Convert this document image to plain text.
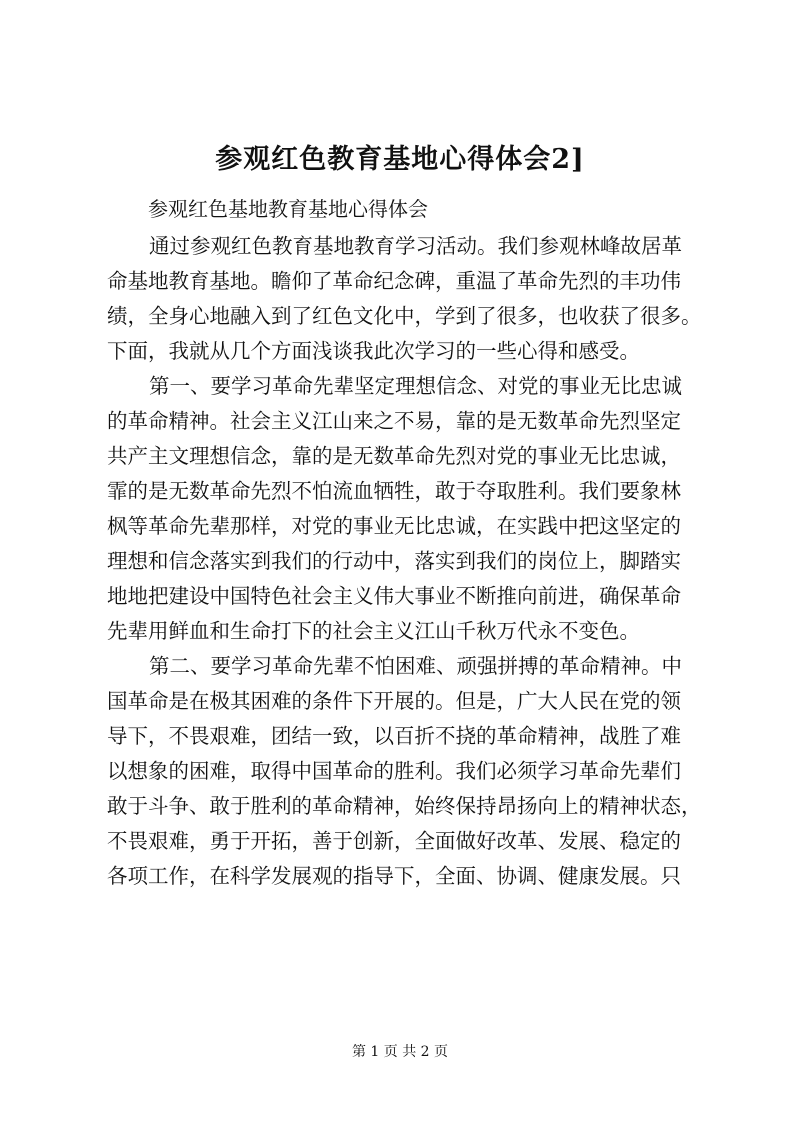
参观红色教育基地心得体会2]

参观红色基地教育基地心得体会

通过参观红色教育基地教育学习活动。我们参观林峰故居革
命基地教育基地。瞻仰了革命纪念碑，重温了革命先烈的丰功伟
绩，全身心地融入到了红色文化中，学到了很多，也收获了很多。
下面，我就从几个方面浅谈我此次学习的一些心得和感受。
第一、要学习革命先辈坚定理想信念、对党的事业无比忠诚
的革命精神。社会主义江山来之不易，靠的是无数革命先烈坚定
共产主文理想信念，靠的是无数革命先烈对党的事业无比忠诚，
霏的是无数革命先烈不怕流血牺牲，敢于夺取胜利。我们要象林
枫等革命先辈那样，对党的事业无比忠诚，在实践中把这坚定的
理想和信念落实到我们的行动中，落实到我们的岗位上，脚踏实
地地把建设中国特色社会主义伟大事业不断推向前进，确保革命
先辈用鲜血和生命打下的社会主义江山千秋万代永不变色。
第二、要学习革命先辈不怕困难、顽强拼搏的革命精神。中
国革命是在极其困难的条件下开展的。但是，广大人民在党的领
导下，不畏艰难，团结一致，以百折不挠的革命精神，战胜了难
以想象的困难，取得中国革命的胜利。我们必须学习革命先辈们
敢于斗争、敢于胜利的革命精神，始终保持昂扬向上的精神状态，
不畏艰难，勇于开拓，善于创新，全面做好改革、发展、稳定的
各项工作，在科学发展观的指导下，全面、协调、健康发展。只

第 1 页 共 2 页
